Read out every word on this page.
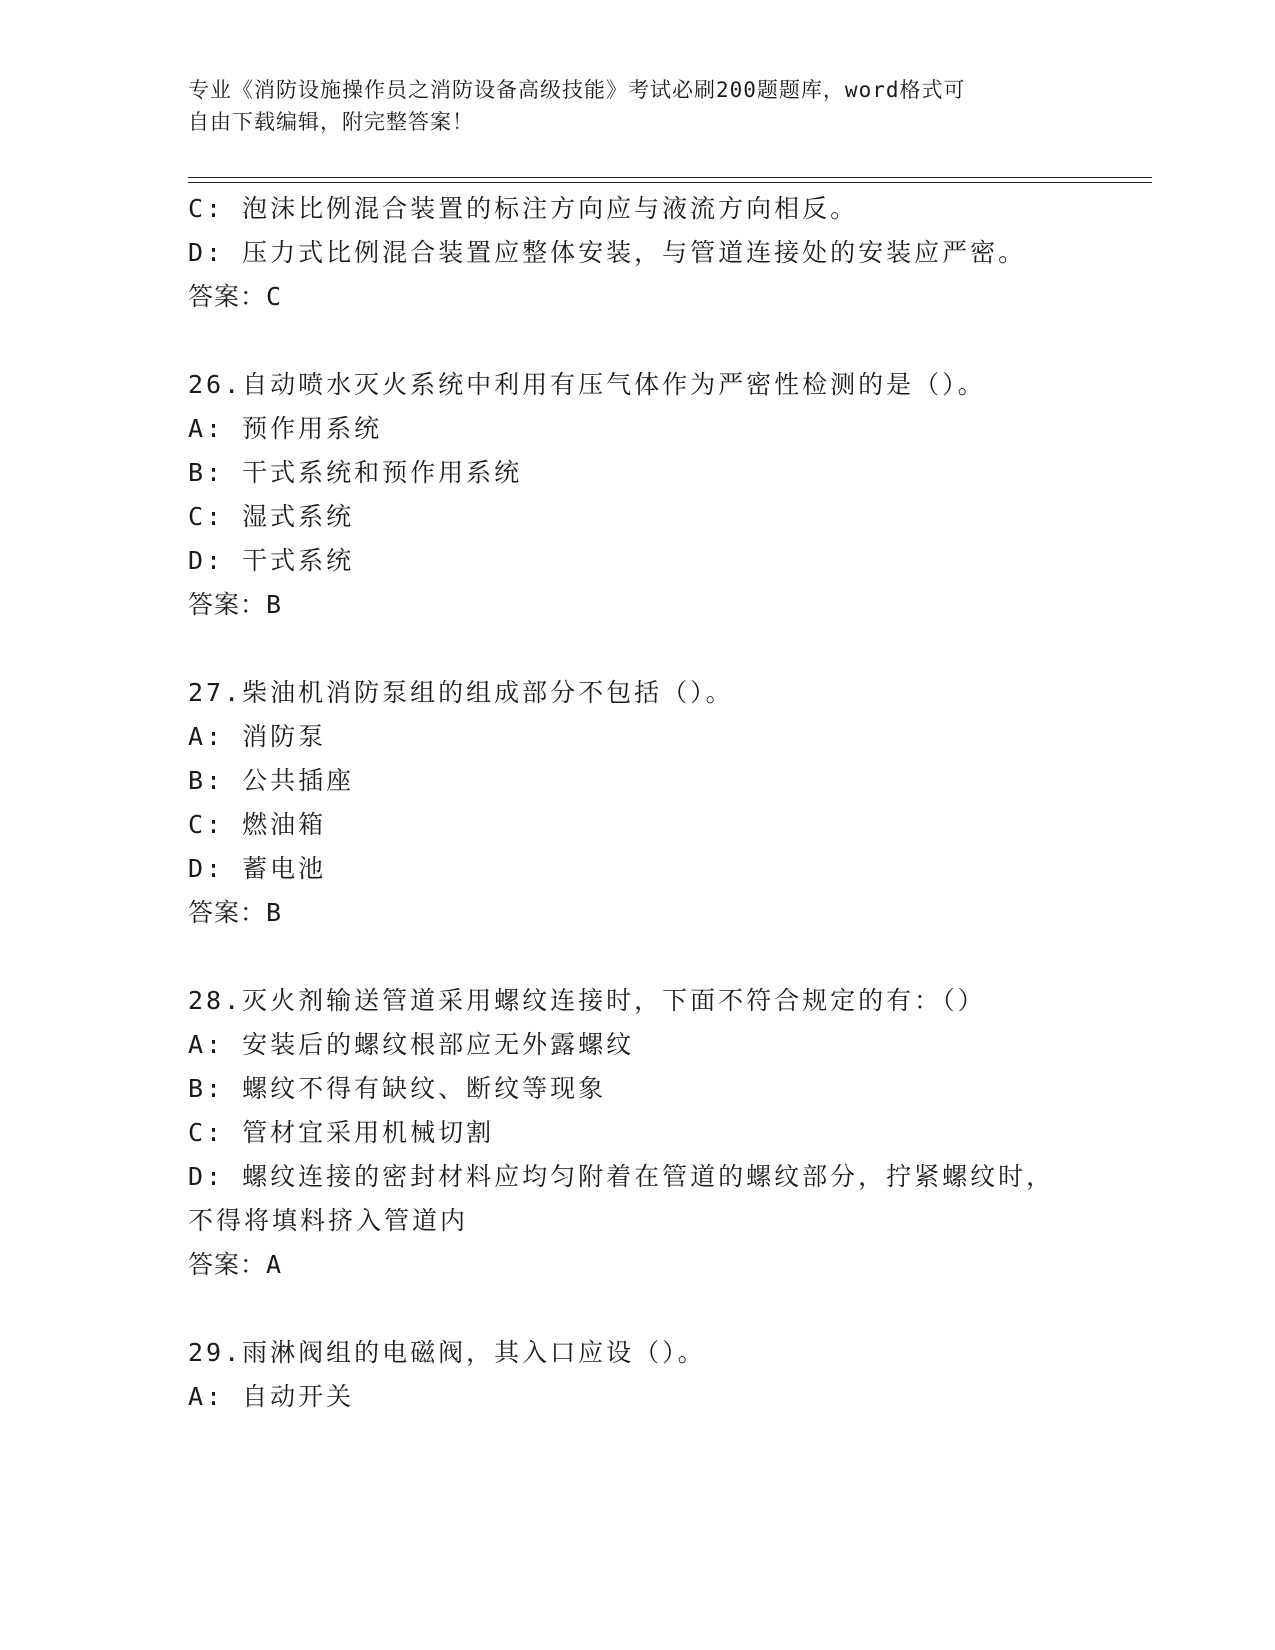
专业《消防设施操作员之消防设备高级技能》考试必刷200题题库，word格式可
自由下载编辑，附完整答案！
C: 泡沫比例混合装置的标注方向应与液流方向相反。
D: 压力式比例混合装置应整体安装，与管道连接处的安装应严密。
答案：C
26.自动喷水灭火系统中利用有压气体作为严密性检测的是（）。
A: 预作用系统
B: 干式系统和预作用系统
C: 湿式系统
D: 干式系统
答案：B
27.柴油机消防泵组的组成部分不包括（）。
A: 消防泵
B: 公共插座
C: 燃油箱
D: 蓄电池
答案：B
28.灭火剂输送管道采用螺纹连接时，下面不符合规定的有：（）
A: 安装后的螺纹根部应无外露螺纹
B: 螺纹不得有缺纹、断纹等现象
C: 管材宜采用机械切割
D: 螺纹连接的密封材料应均匀附着在管道的螺纹部分，拧紧螺纹时，
不得将填料挤入管道内
答案：A
29.雨淋阀组的电磁阀，其入口应设（）。
A: 自动开关
